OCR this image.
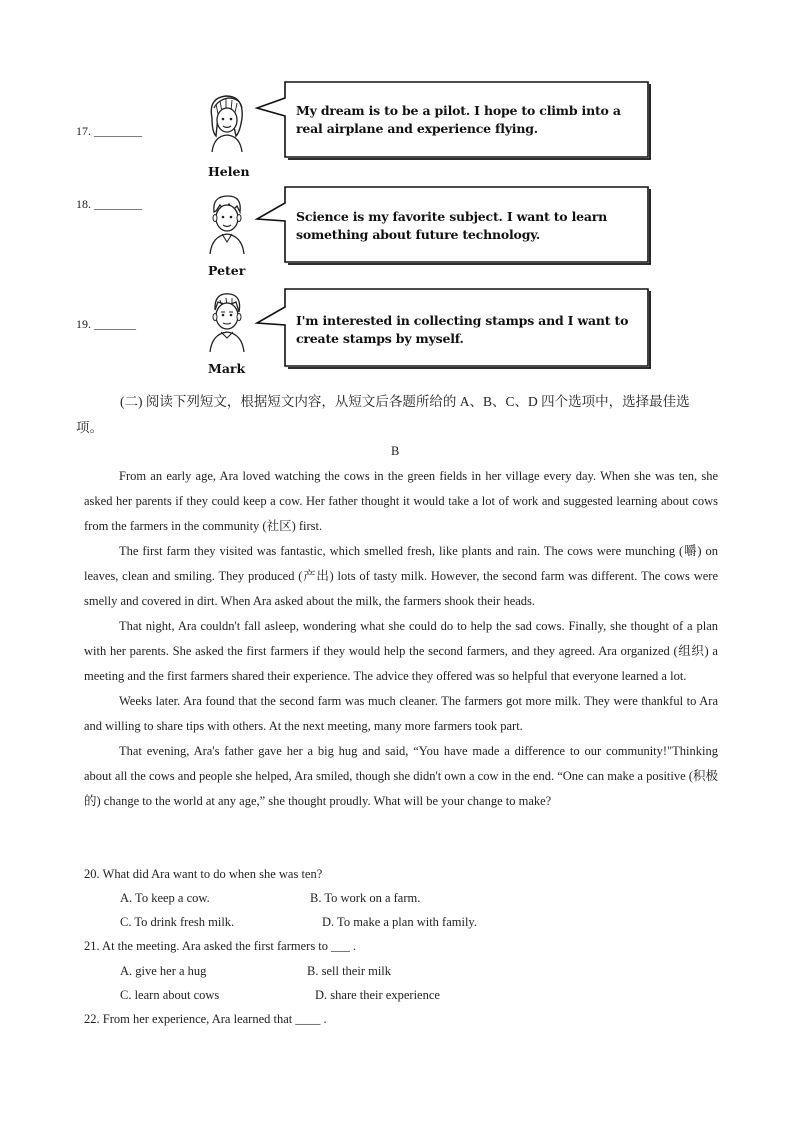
17. ________
Helen
My dream is to be a pilot. I hope to climb into a real airplane and experience flying.
18. ________
Peter
Science is my favorite subject. I want to learn something about future technology.
19. _______
Mark
I'm interested in collecting stamps and I want to create stamps by myself.
(二) 阅读下列短文，根据短文内容，从短文后各题所给的 A、B、C、D 四个选项中，选择最佳选项。
B

From an early age, Ara loved watching the cows in the green fields in her village every day. When she was ten, she asked her parents if they could keep a cow. Her father thought it would take a lot of work and suggested learning about cows from the farmers in the community (社区) first.

The first farm they visited was fantastic, which smelled fresh, like plants and rain. The cows were munching (嚼) on leaves, clean and smiling. They produced (产出) lots of tasty milk. However, the second farm was different. The cows were smelly and covered in dirt. When Ara asked about the milk, the farmers shook their heads.

That night, Ara couldn't fall asleep, wondering what she could do to help the sad cows. Finally, she thought of a plan with her parents. She asked the first farmers if they would help the second farmers, and they agreed. Ara organized (组织) a meeting and the first farmers shared their experience. The advice they offered was so helpful that everyone learned a lot.

Weeks later. Ara found that the second farm was much cleaner. The farmers got more milk. They were thankful to Ara and willing to share tips with others. At the next meeting, many more farmers took part.

That evening, Ara's father gave her a big hug and said, “You have made a difference to our community!"Thinking about all the cows and people she helped, Ara smiled, though she didn't own a cow in the end. “One can make a positive (积极的) change to the world at any age,” she thought proudly. What will be your change to make?

20. What did Ara want to do when she was ten?
A. To keep a cow.	B. To work on a farm.
C. To drink fresh milk.	D. To make a plan with family.
21. At the meeting. Ara asked the first farmers to ___ .
A. give her a hug	B. sell their milk
C. learn about cows	D. share their experience
22. From her experience, Ara learned that ____ .
